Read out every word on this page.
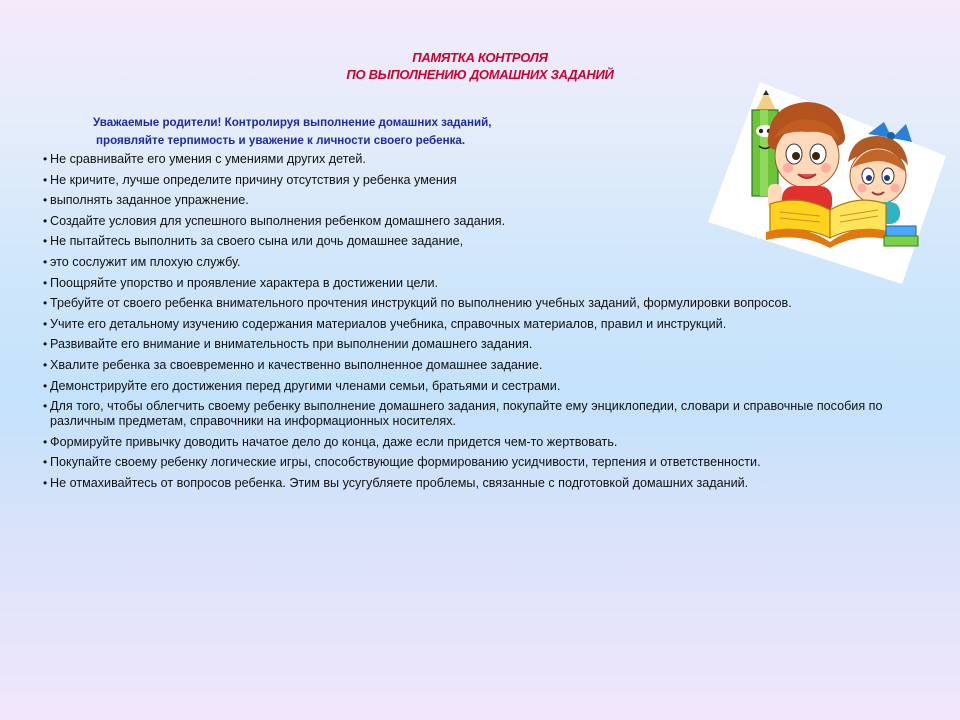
ПАМЯТКА КОНТРОЛЯ
ПО ВЫПОЛНЕНИЮ ДОМАШНИХ ЗАДАНИЙ
Уважаемые родители! Контролируя выполнение домашних заданий,
проявляйте терпимость и уважение к личности своего ребенка.
• Не сравнивайте его умения с умениями других детей.
• Не кричите, лучше определите причину отсутствия у ребенка умения
• выполнять заданное упражнение.
• Создайте условия для успешного выполнения ребенком домашнего задания.
• Не пытайтесь выполнить за своего сына или дочь домашнее задание,
• это сослужит им плохую службу.
• Поощряйте упорство и проявление характера в достижении цели.
• Требуйте от своего ребенка внимательного прочтения инструкций по выполнению учебных заданий, формулировки вопросов.
• Учите его детальному изучению содержания материалов учебника, справочных материалов, правил и инструкций.
• Развивайте его внимание и внимательность при выполнении домашнего задания.
• Хвалите ребенка за своевременно и качественно выполненное домашнее задание.
• Демонстрируйте его достижения перед другими членами семьи, братьями и сестрами.
• Для того, чтобы облегчить своему ребенку выполнение домашнего задания, покупайте ему энциклопедии, словари и справочные пособия по различным предметам, справочники на информационных носителях.
• Формируйте привычку доводить начатое дело до конца, даже если придется чем-то жертвовать.
• Покупайте своему ребенку логические игры, способствующие формированию усидчивости, терпения и ответственности.
• Не отмахивайтесь от вопросов ребенка. Этим вы усугубляете проблемы, связанные с подготовкой домашних заданий.
